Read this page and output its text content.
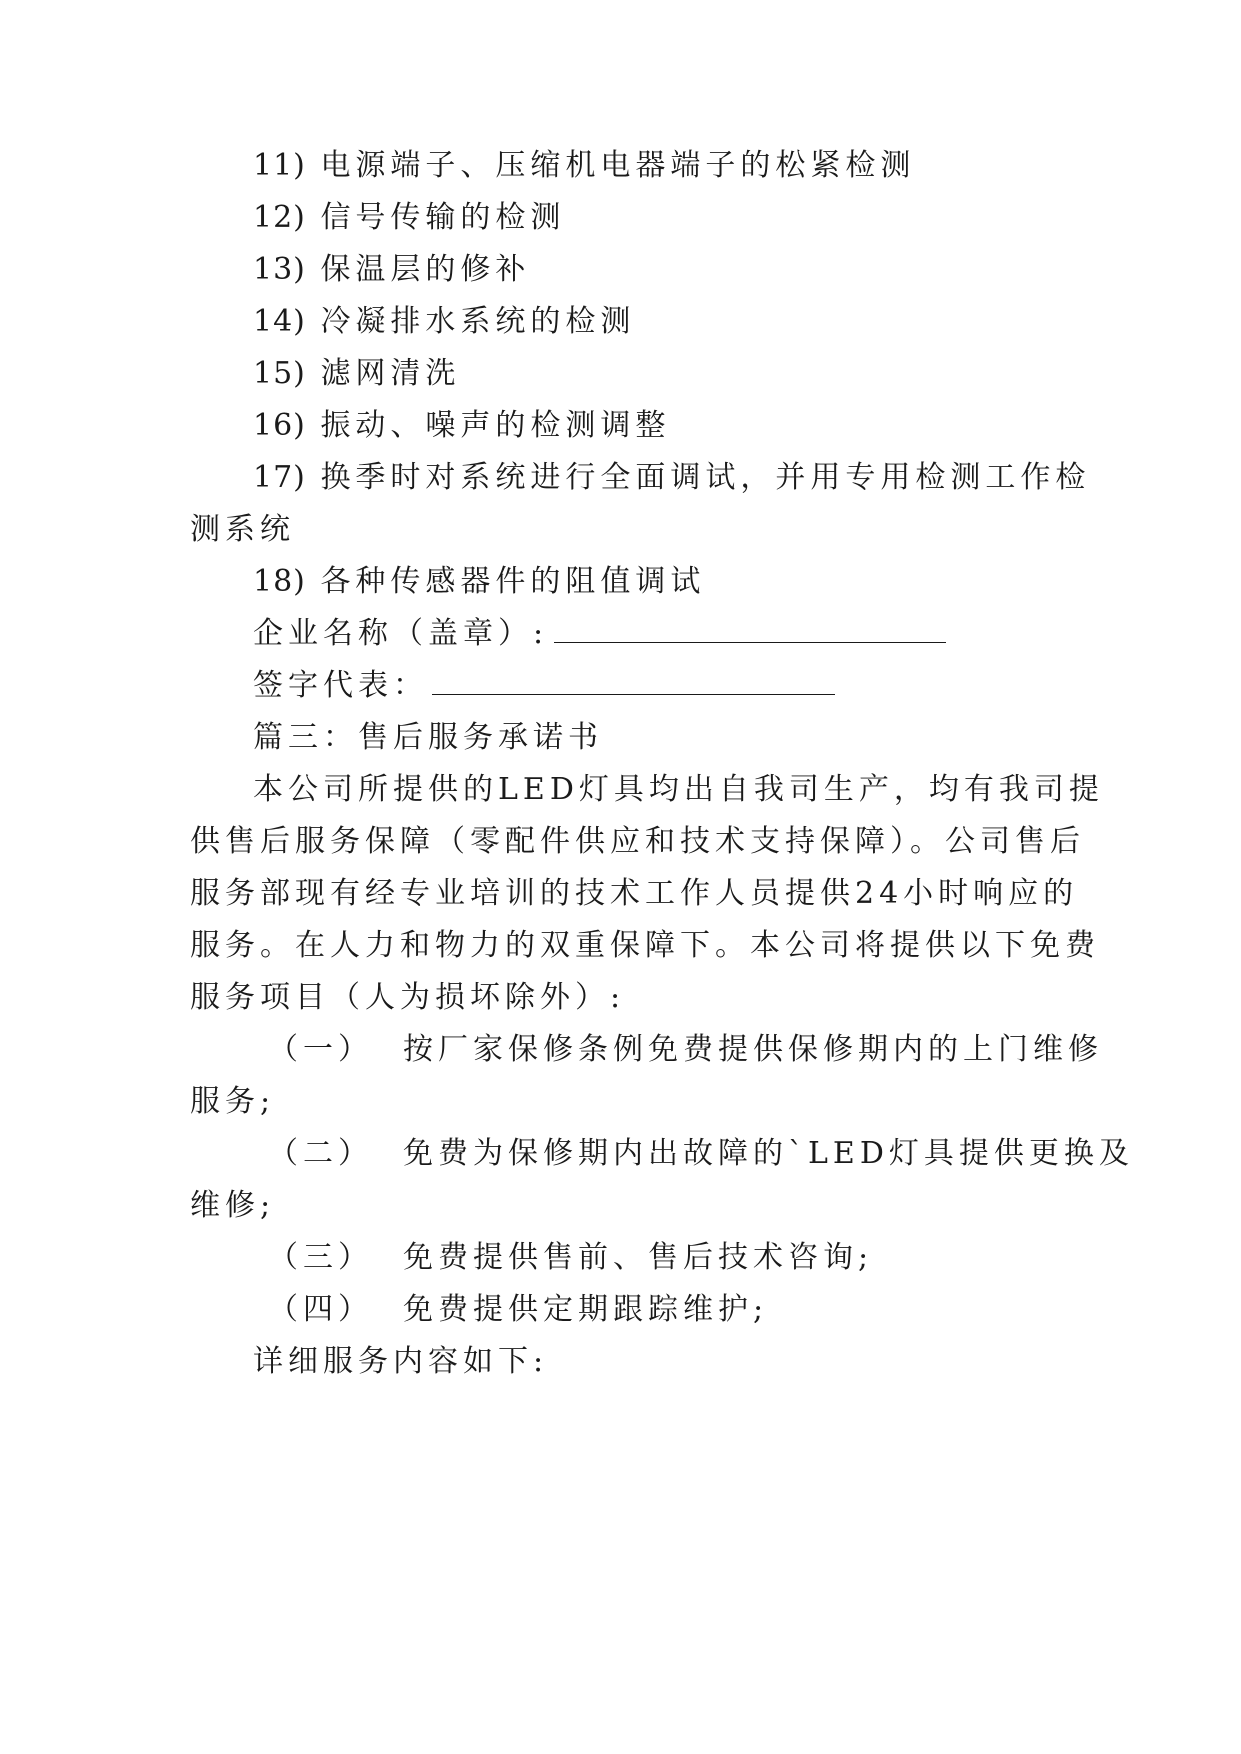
11) 电源端子、压缩机电器端子的松紧检测
12) 信号传输的检测
13) 保温层的修补
14) 冷凝排水系统的检测
15) 滤网清洗
16) 振动、噪声的检测调整
17) 换季时对系统进行全面调试，并用专用检测工作检
测系统
18) 各种传感器件的阻值调试
企业名称（盖章）:
签字代表：
篇三：售后服务承诺书
本公司所提供的LED灯具均出自我司生产，均有我司提
供售后服务保障（零配件供应和技术支持保障）。公司售后
服务部现有经专业培训的技术工作人员提供24小时响应的
服务。在人力和物力的双重保障下。本公司将提供以下免费
服务项目（人为损坏除外）:
（一） 按厂家保修条例免费提供保修期内的上门维修
服务;
（二） 免费为保修期内出故障的`LED灯具提供更换及
维修;
（三） 免费提供售前、售后技术咨询;
（四） 免费提供定期跟踪维护;
详细服务内容如下:
